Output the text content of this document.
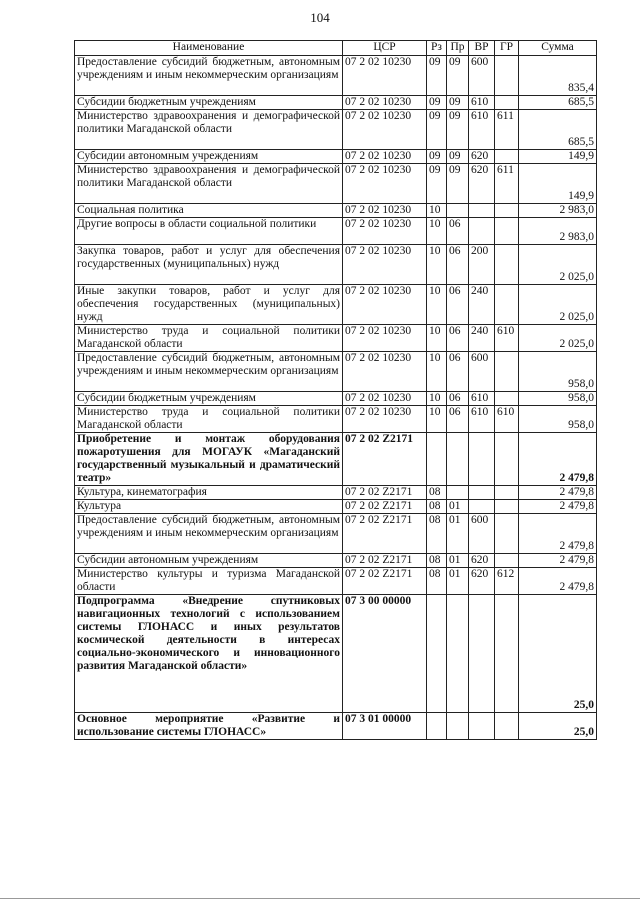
104
Наименование	ЦСР	Рз	Пр	ВР	ГР	Сумма
Предоставление субсидий бюджетным, автономным учреждениям и иным некоммерческим организациям	07 2 02 10230	09	09	600		835,4
Субсидии бюджетным учреждениям	07 2 02 10230	09	09	610		685,5
Министерство здравоохранения и демографической политики Магаданской области	07 2 02 10230	09	09	610	611	685,5
Субсидии автономным учреждениям	07 2 02 10230	09	09	620		149,9
Министерство здравоохранения и демографической политики Магаданской области	07 2 02 10230	09	09	620	611	149,9
Социальная политика	07 2 02 10230	10				2 983,0
Другие вопросы в области социальной политики	07 2 02 10230	10	06			2 983,0
Закупка товаров, работ и услуг для обеспечения государственных (муниципальных) нужд	07 2 02 10230	10	06	200		2 025,0
Иные закупки товаров, работ и услуг для обеспечения государственных (муниципальных) нужд	07 2 02 10230	10	06	240		2 025,0
Министерство труда и социальной политики Магаданской области	07 2 02 10230	10	06	240	610	2 025,0
Предоставление субсидий бюджетным, автономным учреждениям и иным некоммерческим организациям	07 2 02 10230	10	06	600		958,0
Субсидии бюджетным учреждениям	07 2 02 10230	10	06	610		958,0
Министерство труда и социальной политики Магаданской области	07 2 02 10230	10	06	610	610	958,0
Приобретение и монтаж оборудования пожаротушения для МОГАУК «Магаданский государственный музыкальный и драматический театр»	07 2 02 Z2171					2 479,8
Культура, кинематография	07 2 02 Z2171	08				2 479,8
Культура	07 2 02 Z2171	08	01			2 479,8
Предоставление субсидий бюджетным, автономным учреждениям и иным некоммерческим организациям	07 2 02 Z2171	08	01	600		2 479,8
Субсидии автономным учреждениям	07 2 02 Z2171	08	01	620		2 479,8
Министерство культуры и туризма Магаданской области	07 2 02 Z2171	08	01	620	612	2 479,8
Подпрограмма «Внедрение спутниковых навигационных технологий с использованием системы ГЛОНАСС и иных результатов космической деятельности в интересах социально-экономического и инновационного развития Магаданской области»	07 3 00 00000					25,0
Основное мероприятие «Развитие и использование системы ГЛОНАСС»	07 3 01 00000					25,0
